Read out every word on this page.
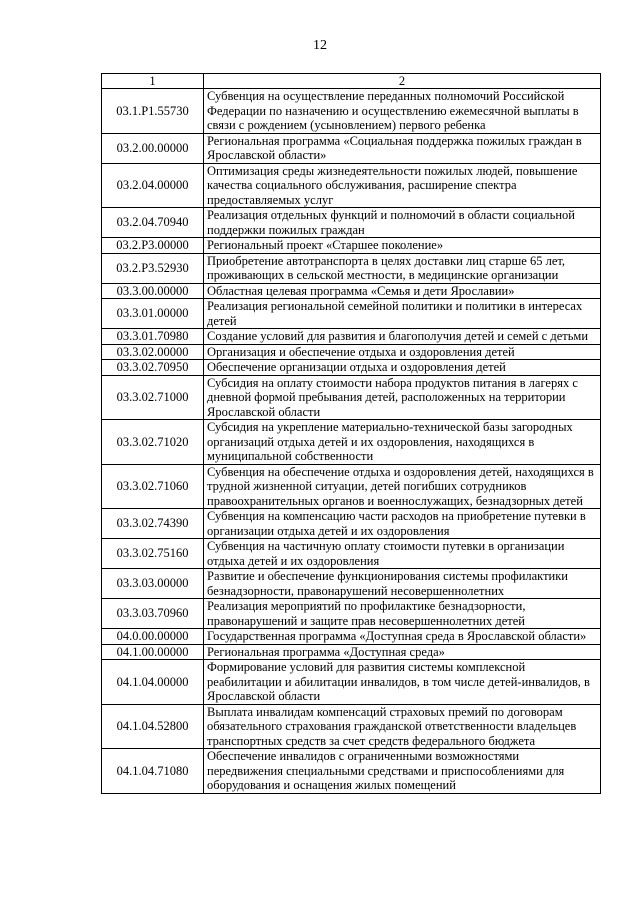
12
1	2
03.1.Р1.55730	Субвенция на осуществление переданных полномочий Российской Федерации по назначению и осуществлению ежемесячной выплаты в связи с рождением (усыновлением) первого ребенка
03.2.00.00000	Региональная программа «Социальная поддержка пожилых граждан в Ярославской области»
03.2.04.00000	Оптимизация среды жизнедеятельности пожилых людей, повышение качества социального обслуживания, расширение спектра предоставляемых услуг
03.2.04.70940	Реализация отдельных функций и полномочий в области социальной поддержки пожилых граждан
03.2.Р3.00000	Региональный проект «Старшее поколение»
03.2.Р3.52930	Приобретение автотранспорта в целях доставки лиц старше 65 лет, проживающих в сельской местности, в медицинские организации
03.3.00.00000	Областная целевая программа «Семья и дети Ярославии»
03.3.01.00000	Реализация региональной семейной политики и политики в интересах детей
03.3.01.70980	Создание условий для развития и благополучия детей и семей с детьми
03.3.02.00000	Организация и обеспечение отдыха и оздоровления детей
03.3.02.70950	Обеспечение организации отдыха и оздоровления детей
03.3.02.71000	Субсидия на оплату стоимости набора продуктов питания в лагерях с дневной формой пребывания детей, расположенных на территории Ярославской области
03.3.02.71020	Субсидия на укрепление материально-технической базы загородных организаций отдыха детей и их оздоровления, находящихся в муниципальной собственности
03.3.02.71060	Субвенция на обеспечение отдыха и оздоровления детей, находящихся в трудной жизненной ситуации, детей погибших сотрудников правоохранительных органов и военнослужащих, безнадзорных детей
03.3.02.74390	Субвенция на компенсацию части расходов на приобретение путевки в организации отдыха детей и их оздоровления
03.3.02.75160	Субвенция на частичную оплату стоимости путевки в организации отдыха детей и их оздоровления
03.3.03.00000	Развитие и обеспечение функционирования системы профилактики безнадзорности, правонарушений несовершеннолетних
03.3.03.70960	Реализация мероприятий по профилактике безнадзорности, правонарушений и защите прав несовершеннолетних детей
04.0.00.00000	Государственная программа «Доступная среда в Ярославской области»
04.1.00.00000	Региональная программа «Доступная среда»
04.1.04.00000	Формирование условий для развития системы комплексной реабилитации и абилитации инвалидов, в том числе детей-инвалидов, в Ярославской области
04.1.04.52800	Выплата инвалидам компенсаций страховых премий по договорам обязательного страхования гражданской ответственности владельцев транспортных средств за счет средств федерального бюджета
04.1.04.71080	Обеспечение инвалидов с ограниченными возможностями передвижения специальными средствами и приспособлениями для оборудования и оснащения жилых помещений
